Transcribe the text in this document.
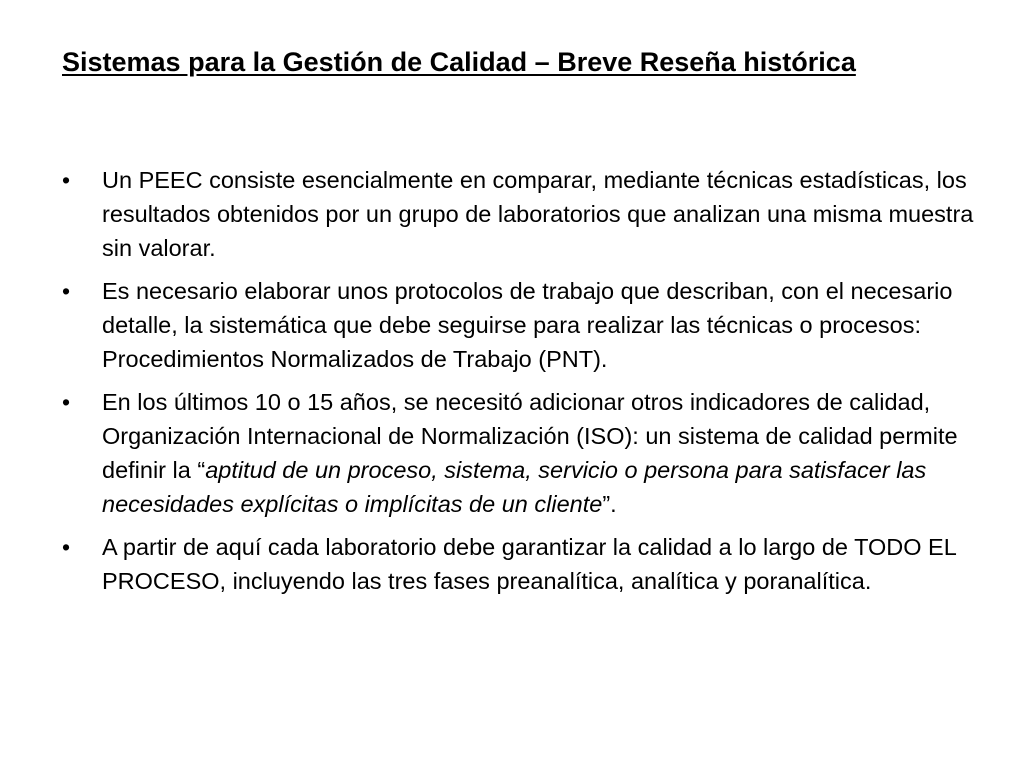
Sistemas para la Gestión de Calidad – Breve Reseña histórica
•	Un PEEC consiste esencialmente en comparar, mediante técnicas estadísticas, los resultados obtenidos por un grupo de laboratorios que analizan una misma muestra sin valorar.
•	Es necesario elaborar unos protocolos de trabajo que describan, con el necesario detalle, la sistemática que debe seguirse para realizar las técnicas o procesos: Procedimientos Normalizados de Trabajo (PNT).
•	En los últimos 10 o 15 años, se necesitó adicionar otros indicadores de calidad, Organización Internacional de Normalización (ISO): un sistema de calidad permite definir la “aptitud de un proceso, sistema, servicio o persona para satisfacer las necesidades explícitas o implícitas de un cliente”.
•	A partir de aquí cada laboratorio debe garantizar la calidad a lo largo de TODO EL PROCESO, incluyendo las tres fases preanalítica, analítica y poranalítica.
